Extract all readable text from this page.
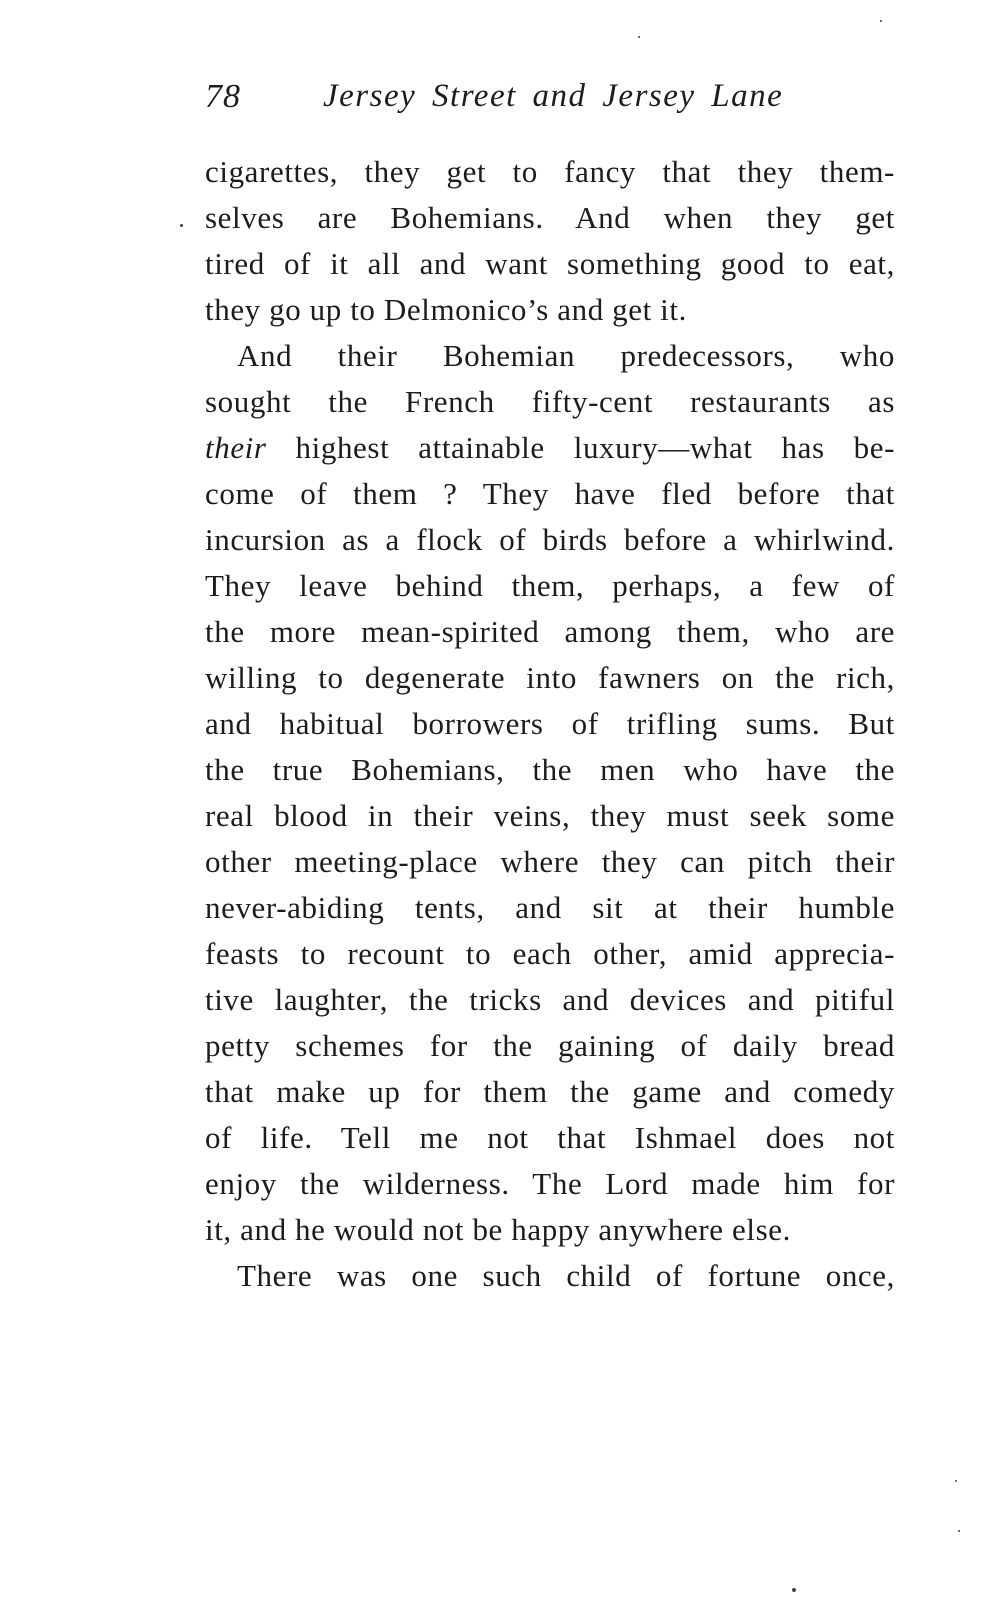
78 Jersey Street and Jersey Lane
cigarettes, they get to fancy that they them-
selves are Bohemians. And when they get
tired of it all and want something good to eat,
they go up to Delmonico’s and get it.
And their Bohemian predecessors, who
sought the French fifty-cent restaurants as
their highest attainable luxury—what has be-
come of them ? They have fled before that
incursion as a flock of birds before a whirlwind.
They leave behind them, perhaps, a few of
the more mean-spirited among them, who are
willing to degenerate into fawners on the rich,
and habitual borrowers of trifling sums. But
the true Bohemians, the men who have the
real blood in their veins, they must seek some
other meeting-place where they can pitch their
never-abiding tents, and sit at their humble
feasts to recount to each other, amid apprecia-
tive laughter, the tricks and devices and pitiful
petty schemes for the gaining of daily bread
that make up for them the game and comedy
of life. Tell me not that Ishmael does not
enjoy the wilderness. The Lord made him for
it, and he would not be happy anywhere else.
There was one such child of fortune once,
